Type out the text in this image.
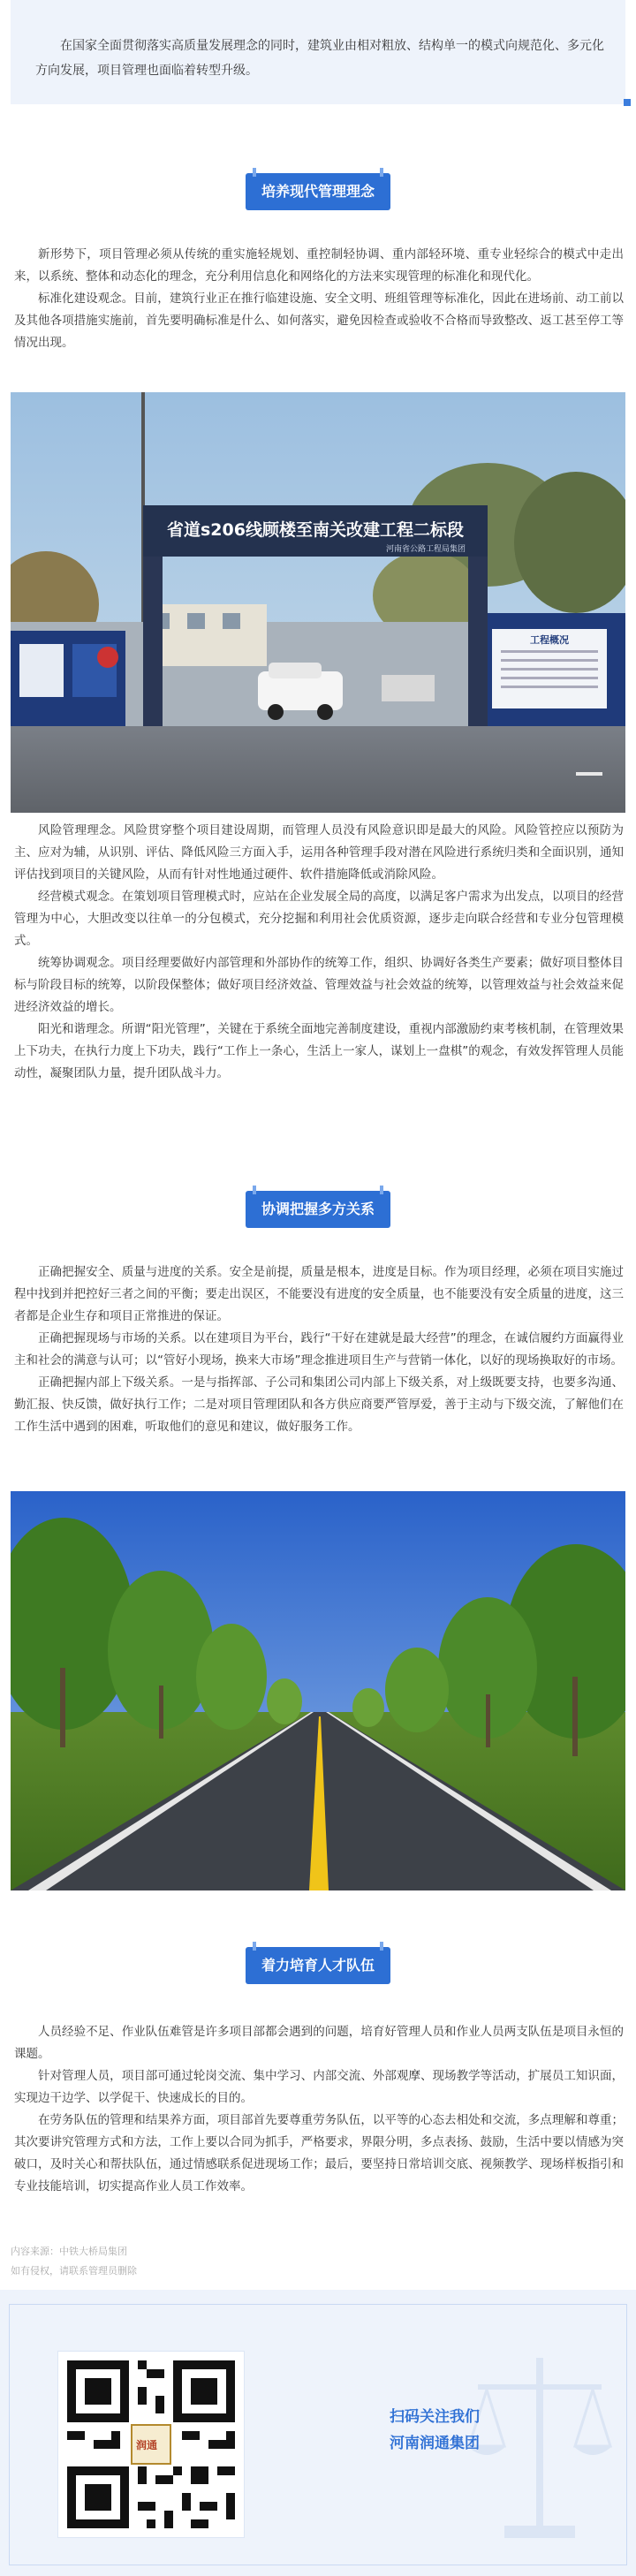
在国家全面贯彻落实高质量发展理念的同时，建筑业由相对粗放、结构单一的模式向规范化、多元化方向发展，项目管理也面临着转型升级。
培养现代管理理念

新形势下，项目管理必须从传统的重实施轻规划、重控制轻协调、重内部轻环境、重专业轻综合的模式中走出来，以系统、整体和动态化的理念，充分利用信息化和网络化的方法来实现管理的标准化和现代化。

标准化建设观念。目前，建筑行业正在推行临建设施、安全文明、班组管理等标准化，因此在进场前、动工前以及其他各项措施实施前，首先要明确标准是什么、如何落实，避免因检查或验收不合格而导致整改、返工甚至停工等情况出现。

工程概况
省道s206线顾楼至南关改建工程二标段
河南省公路工程局集团

风险管理理念。风险贯穿整个项目建设周期，而管理人员没有风险意识即是最大的风险。风险管控应以预防为主、应对为辅，从识别、评估、降低风险三方面入手，运用各种管理手段对潜在风险进行系统归类和全面识别，通知评估找到项目的关键风险，从而有针对性地通过硬件、软件措施降低或消除风险。

经营模式观念。在策划项目管理模式时，应站在企业发展全局的高度，以满足客户需求为出发点，以项目的经营管理为中心，大胆改变以往单一的分包模式，充分挖掘和利用社会优质资源，逐步走向联合经营和专业分包管理模式。

统筹协调观念。项目经理要做好内部管理和外部协作的统筹工作，组织、协调好各类生产要素；做好项目整体目标与阶段目标的统筹，以阶段保整体；做好项目经济效益、管理效益与社会效益的统筹，以管理效益与社会效益来促进经济效益的增长。

阳光和谐理念。所谓“阳光管理”，关键在于系统全面地完善制度建设，重视内部激励约束考核机制，在管理效果上下功夫，在执行力度上下功夫，践行“工作上一条心，生活上一家人，谋划上一盘棋”的观念，有效发挥管理人员能动性，凝聚团队力量，提升团队战斗力。

协调把握多方关系

正确把握安全、质量与进度的关系。安全是前提，质量是根本，进度是目标。作为项目经理，必须在项目实施过程中找到并把控好三者之间的平衡；要走出误区，不能要没有进度的安全质量，也不能要没有安全质量的进度，这三者都是企业生存和项目正常推进的保证。

正确把握现场与市场的关系。以在建项目为平台，践行“干好在建就是最大经营”的理念，在诚信履约方面赢得业主和社会的满意与认可；以“管好小现场，换来大市场”理念推进项目生产与营销一体化，以好的现场换取好的市场。

正确把握内部上下级关系。一是与指挥部、子公司和集团公司内部上下级关系，对上级既要支持，也要多沟通、勤汇报、快反馈，做好执行工作；二是对项目管理团队和各方供应商要严管厚爱，善于主动与下级交流，了解他们在工作生活中遇到的困难，听取他们的意见和建议，做好服务工作。

着力培育人才队伍

人员经验不足、作业队伍难管是许多项目部都会遇到的问题，培育好管理人员和作业人员两支队伍是项目永恒的课题。

针对管理人员，项目部可通过轮岗交流、集中学习、内部交流、外部观摩、现场教学等活动，扩展员工知识面，实现边干边学、以学促干、快速成长的目的。

在劳务队伍的管理和结果养方面，项目部首先要尊重劳务队伍，以平等的心态去相处和交流，多点理解和尊重；其次要讲究管理方式和方法，工作上要以合同为抓手，严格要求，界限分明，多点表扬、鼓励，生活中要以情感为突破口，及时关心和帮扶队伍，通过情感联系促进现场工作；最后，要坚持日常培训交底、视频教学、现场样板指引和专业技能培训，切实提高作业人员工作效率。

内容来源：中铁大桥局集团
如有侵权，请联系管理员删除
润通
扫码关注我们
河南润通集团
